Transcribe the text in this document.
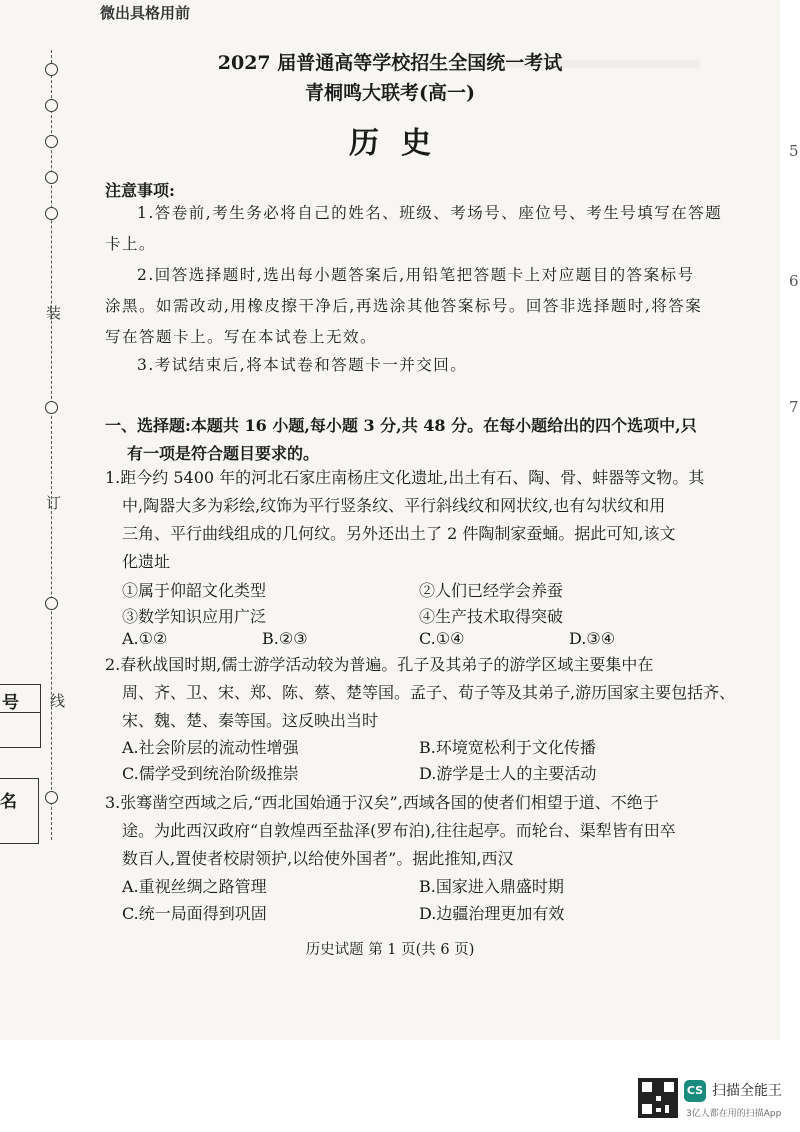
装
订
线
号
名
5
6
7
微出具格用前
2027 届普通高等学校招生全国统一考试
青桐鸣大联考(高一)
历史
注意事项:
1.答卷前,考生务必将自己的姓名、班级、考场号、座位号、考生号填写在答题
卡上。
2.回答选择题时,选出每小题答案后,用铅笔把答题卡上对应题目的答案标号
涂黑。如需改动,用橡皮擦干净后,再选涂其他答案标号。回答非选择题时,将答案
写在答题卡上。写在本试卷上无效。
3.考试结束后,将本试卷和答题卡一并交回。
一、选择题:本题共 16 小题,每小题 3 分,共 48 分。在每小题给出的四个选项中,只
有一项是符合题目要求的。
1.距今约 5400 年的河北石家庄南杨庄文化遗址,出土有石、陶、骨、蚌器等文物。其
中,陶器大多为彩绘,纹饰为平行竖条纹、平行斜线纹和网状纹,也有勾状纹和用
三角、平行曲线组成的几何纹。另外还出土了 2 件陶制家蚕蛹。据此可知,该文
化遗址
①属于仰韶文化类型	②人们已经学会养蚕
③数学知识应用广泛	④生产技术取得突破
A.①②	B.②③	C.①④	D.③④
2.春秋战国时期,儒士游学活动较为普遍。孔子及其弟子的游学区域主要集中在
周、齐、卫、宋、郑、陈、蔡、楚等国。孟子、荀子等及其弟子,游历国家主要包括齐、
宋、魏、楚、秦等国。这反映出当时
A.社会阶层的流动性增强	B.环境宽松利于文化传播
C.儒学受到统治阶级推崇	D.游学是士人的主要活动
3.张骞凿空西域之后,“西北国始通于汉矣”,西域各国的使者们相望于道、不绝于
途。为此西汉政府“自敦煌西至盐泽(罗布泊),往往起亭。而轮台、渠犁皆有田卒
数百人,置使者校尉领护,以给使外国者”。据此推知,西汉
A.重视丝绸之路管理	B.国家进入鼎盛时期
C.统一局面得到巩固	D.边疆治理更加有效
历史试题 第 1 页(共 6 页)
CS 扫描全能王
3亿人都在用的扫描App
